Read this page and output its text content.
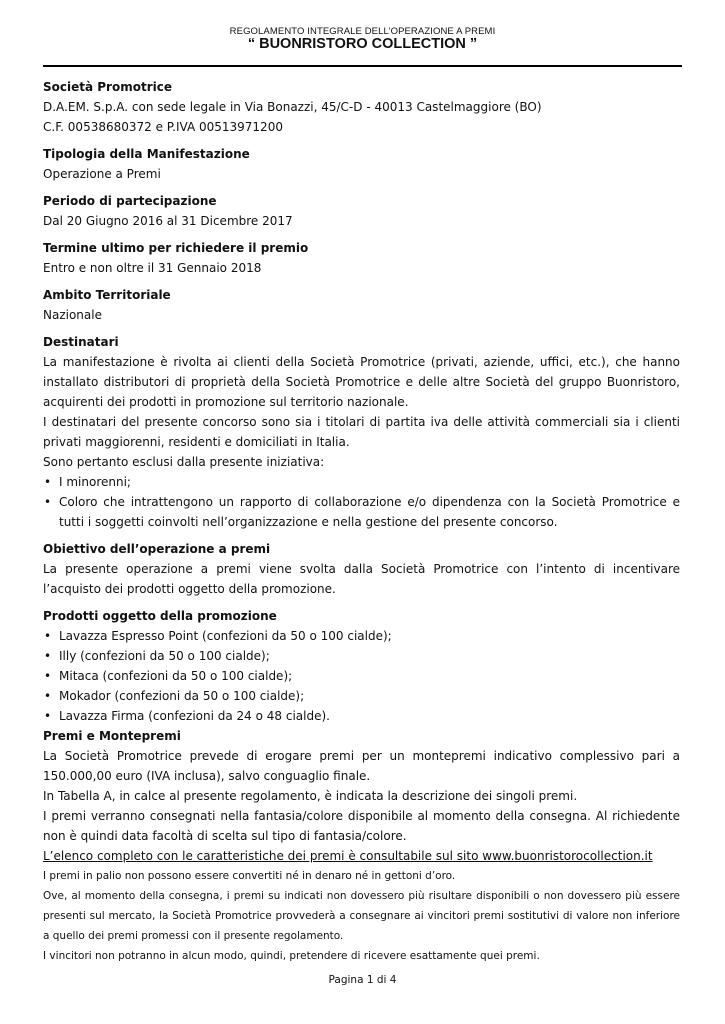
REGOLAMENTO INTEGRALE DELL’OPERAZIONE A PREMI
“ BUONRISTORO COLLECTION ”

Società Promotrice

D.A.EM. S.p.A. con sede legale in Via Bonazzi, 45/C-D - 40013 Castelmaggiore (BO)

C.F. 00538680372 e P.IVA 00513971200

Tipologia della Manifestazione

Operazione a Premi

Periodo di partecipazione

Dal 20 Giugno 2016 al 31 Dicembre 2017

Termine ultimo per richiedere il premio

Entro e non oltre il 31 Gennaio 2018

Ambito Territoriale

Nazionale

Destinatari

La manifestazione è rivolta ai clienti della Società Promotrice (privati, aziende, uffici, etc.), che hanno installato distributori di proprietà della Società Promotrice e delle altre Società del gruppo Buonristoro, acquirenti dei prodotti in promozione sul territorio nazionale.

I destinatari del presente concorso sono sia i titolari di partita iva delle attività commerciali sia i clienti privati maggiorenni, residenti e domiciliati in Italia.

Sono pertanto esclusi dalla presente iniziativa:

• I minorenni;
• Coloro che intrattengono un rapporto di collaborazione e/o dipendenza con la Società Promotrice e tutti i soggetti coinvolti nell’organizzazione e nella gestione del presente concorso.

Obiettivo dell’operazione a premi

La presente operazione a premi viene svolta dalla Società Promotrice con l’intento di incentivare l’acquisto dei prodotti oggetto della promozione.

Prodotti oggetto della promozione

• Lavazza Espresso Point (confezioni da 50 o 100 cialde);
• Illy (confezioni da 50 o 100 cialde);
• Mitaca (confezioni da 50 o 100 cialde);
• Mokador (confezioni da 50 o 100 cialde);
• Lavazza Firma (confezioni da 24 o 48 cialde).

Premi e Montepremi

La Società Promotrice prevede di erogare premi per un montepremi indicativo complessivo pari a 150.000,00 euro (IVA inclusa), salvo conguaglio finale.

In Tabella A, in calce al presente regolamento, è indicata la descrizione dei singoli premi.

I premi verranno consegnati nella fantasia/colore disponibile al momento della consegna. Al richiedente non è quindi data facoltà di scelta sul tipo di fantasia/colore.

L’elenco completo con le caratteristiche dei premi è consultabile sul sito www.buonristorocollection.it

I premi in palio non possono essere convertiti né in denaro né in gettoni d’oro.

Ove, al momento della consegna, i premi su indicati non dovessero più risultare disponibili o non dovessero più essere presenti sul mercato, la Società Promotrice provvederà a consegnare ai vincitori premi sostitutivi di valore non inferiore a quello dei premi promessi con il presente regolamento.

I vincitori non potranno in alcun modo, quindi, pretendere di ricevere esattamente quei premi.

Pagina 1 di 4
